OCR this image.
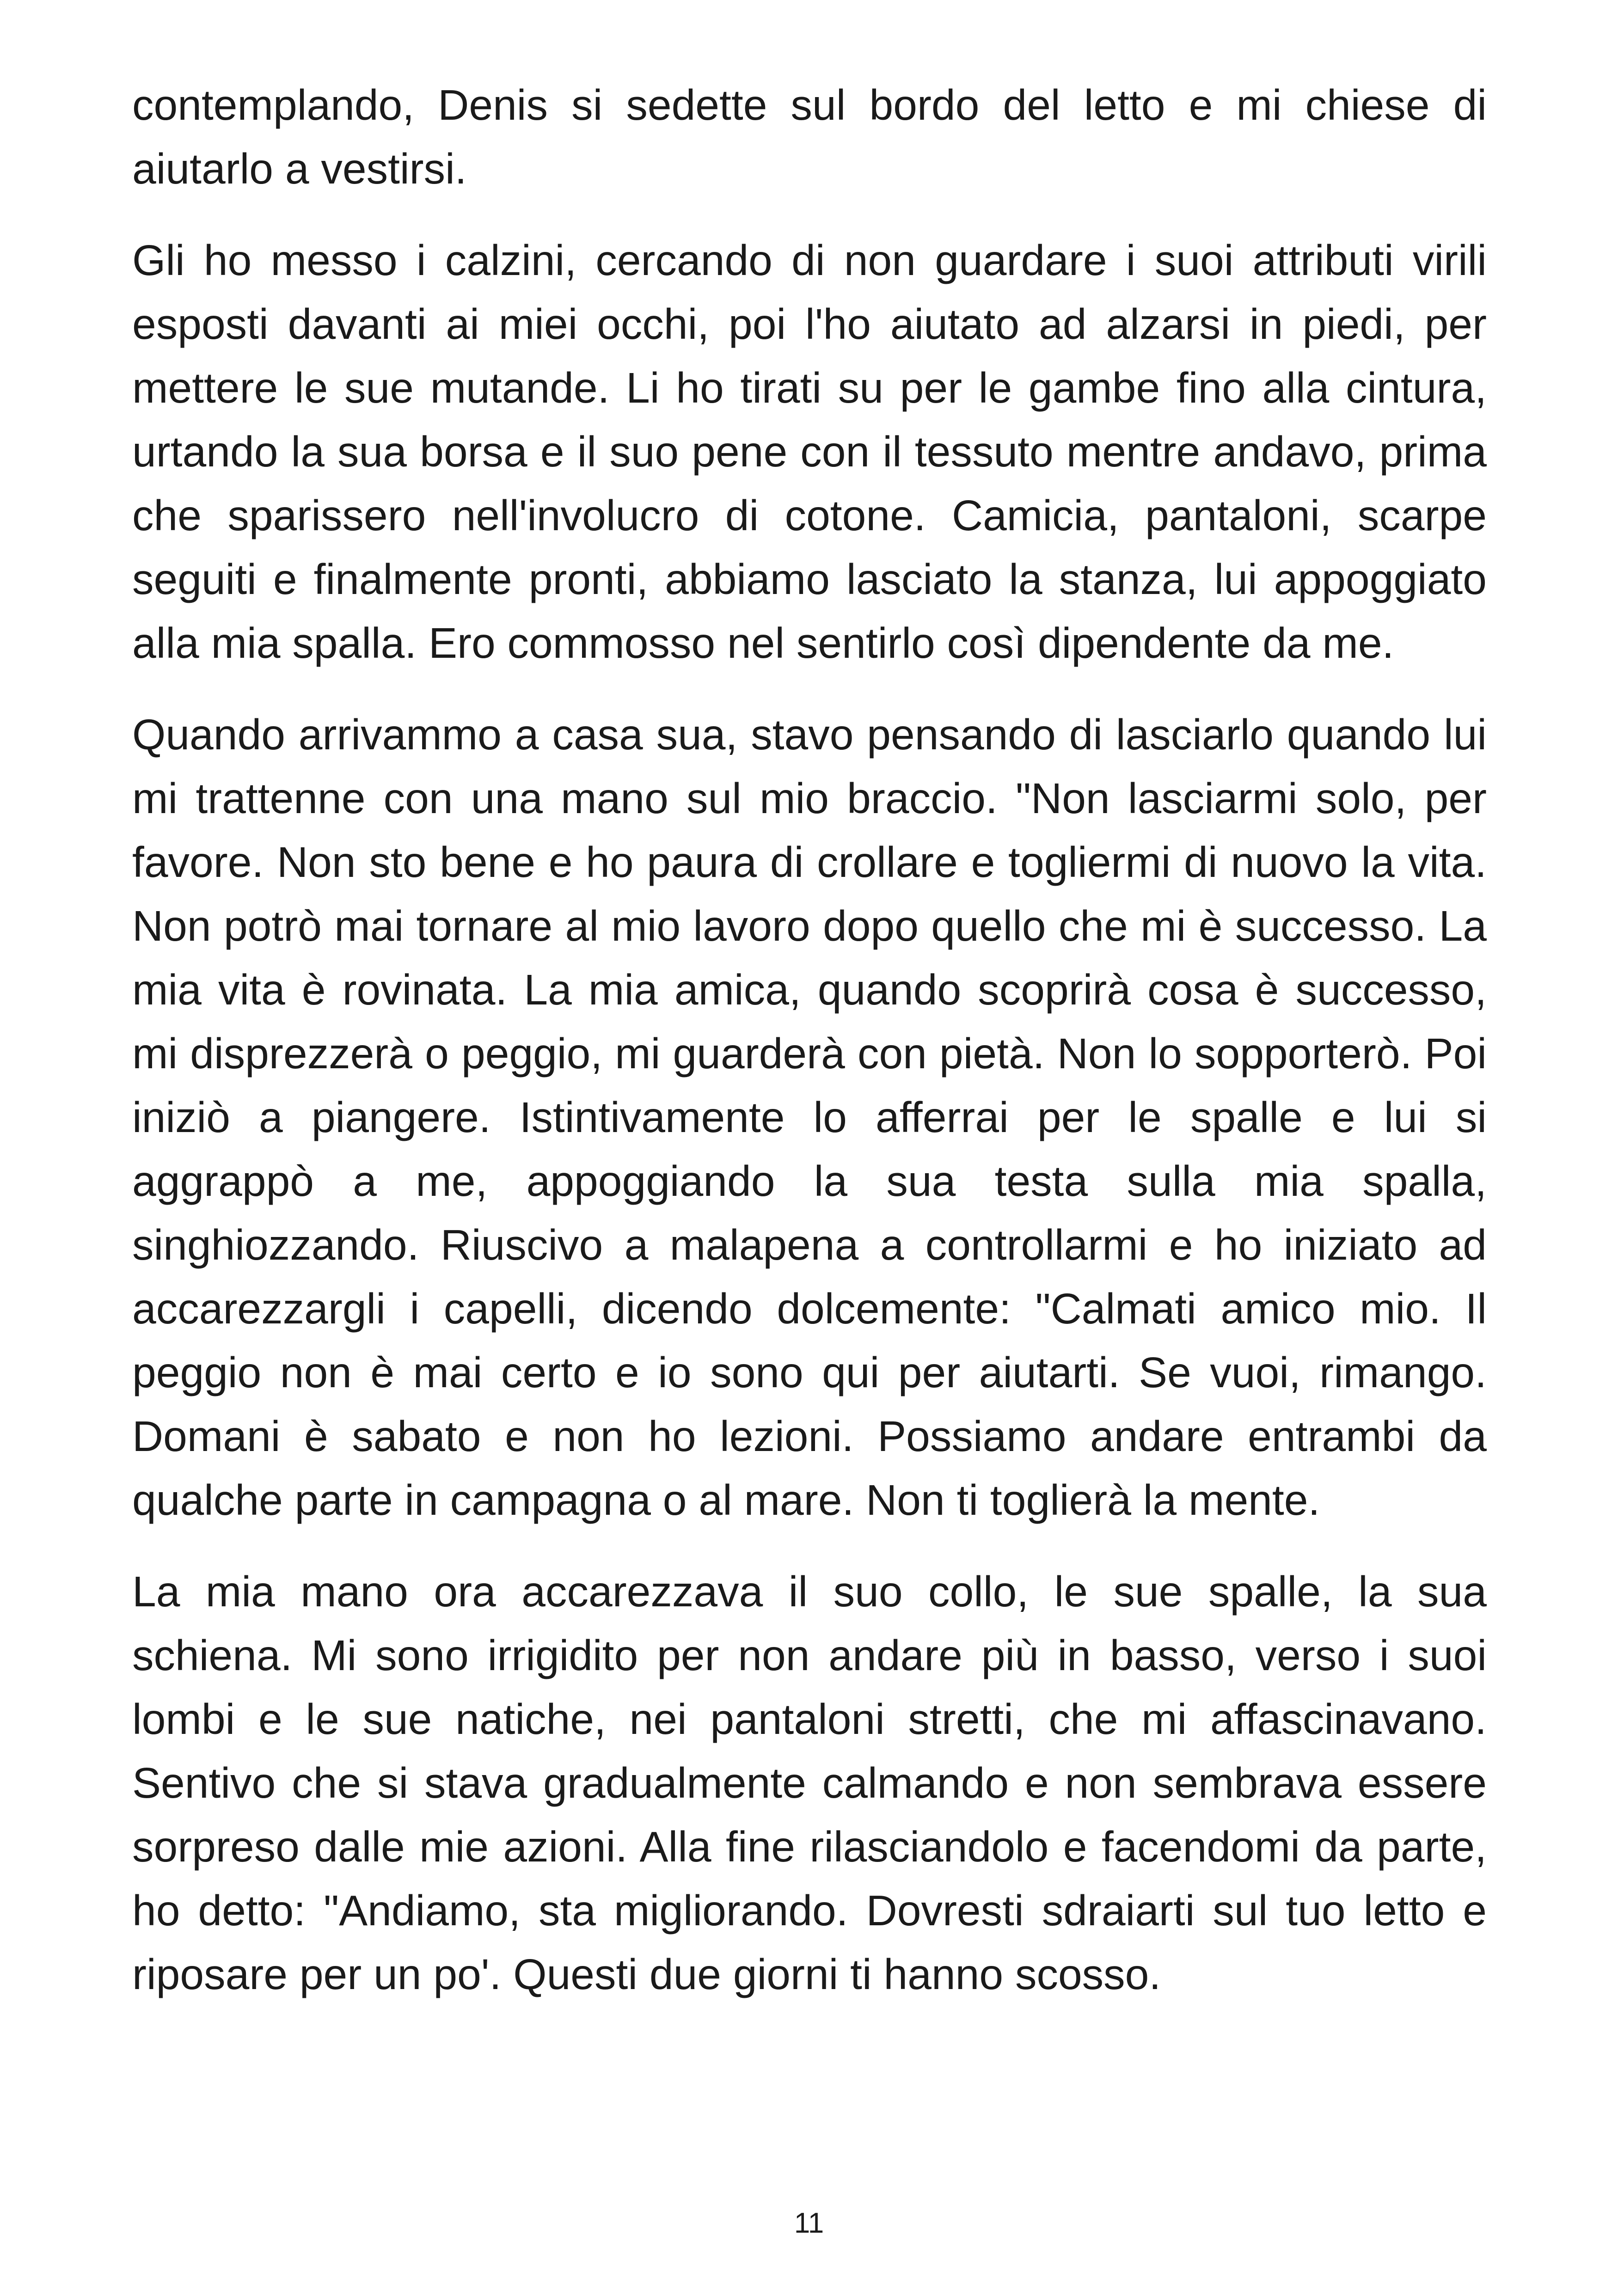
contemplando, Denis si sedette sul bordo del letto e mi chiese di aiutarlo a vestirsi.

Gli ho messo i calzini, cercando di non guardare i suoi attributi virili esposti davanti ai miei occhi, poi l'ho aiutato ad alzarsi in piedi, per mettere le sue mutande. Li ho tirati su per le gambe fino alla cintura, urtando la sua borsa e il suo pene con il tessuto mentre andavo, prima che sparissero nell'involucro di cotone. Camicia, pantaloni, scarpe seguiti e finalmente pronti, abbiamo lasciato la stanza, lui appoggiato alla mia spalla. Ero commosso nel sentirlo così dipendente da me.

Quando arrivammo a casa sua, stavo pensando di lasciarlo quando lui mi trattenne con una mano sul mio braccio. "Non lasciarmi solo, per favore. Non sto bene e ho paura di crollare e togliermi di nuovo la vita. Non potrò mai tornare al mio lavoro dopo quello che mi è successo. La mia vita è rovinata. La mia amica, quando scoprirà cosa è successo, mi disprezzerà o peggio, mi guarderà con pietà. Non lo sopporterò. Poi iniziò a piangere. Istintivamente lo afferrai per le spalle e lui si aggrappò a me, appoggiando la sua testa sulla mia spalla, singhiozzando. Riuscivo a malapena a controllarmi e ho iniziato ad accarezzargli i capelli, dicendo dolcemente: "Calmati amico mio. Il peggio non è mai certo e io sono qui per aiutarti. Se vuoi, rimango. Domani è sabato e non ho lezioni. Possiamo andare entrambi da qualche parte in campagna o al mare. Non ti toglierà la mente.

La mia mano ora accarezzava il suo collo, le sue spalle, la sua schiena. Mi sono irrigidito per non andare più in basso, verso i suoi lombi e le sue natiche, nei pantaloni stretti, che mi affascinavano. Sentivo che si stava gradualmente calmando e non sembrava essere sorpreso dalle mie azioni. Alla fine rilasciandolo e facendomi da parte, ho detto: "Andiamo, sta migliorando. Dovresti sdraiarti sul tuo letto e riposare per un po'. Questi due giorni ti hanno scosso.

11
